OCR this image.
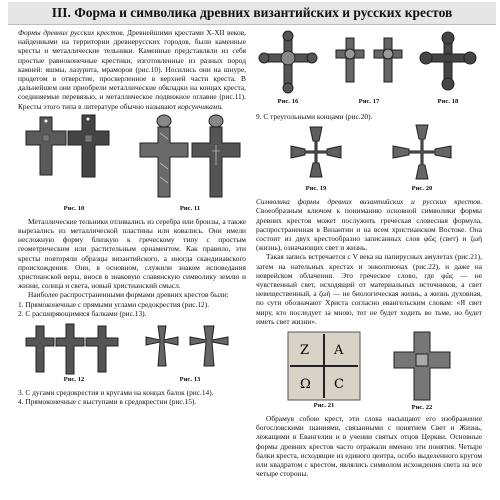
III. Форма и символика древних византийских и русских крестов

Формы древних русских крестов. Древнейшими крестами X-XII веков, найденными на территории древнерусских городов, были каменные кресты и металлические тельники. Каменные представляли из себя простые равноконечные крестики, изготовленные из разных пород камней: яшмы, лазурита, мраморов (рис.10). Носились они на шнуре, продетом в отверстие, просверленное в верхней части креста. В дальнейшем они приобрели металлические обкладки на концах креста, соединяемые перевязью, и металлическое подвижное оглавие (рис.11). Кресты этого типа в литературе обычно называют корсунчиками.

Рис. 10	Рис. 11

Металлические тельники отливались из серебра или бронзы, а также вырезались из металлической пластины или ковались. Они имели несложную форму близкую к греческому типу с простым геометрическим или растительным орнаментом. Как правило, эти кресты повторяли образцы византийского, а иногда скандинавского происхождения. Они, в основном, служили знаком исповедания христианской веры, внося в знаковую славянскую символику землю и жизни, солнца и света, новый христианский смысл.

Наиболее распространенными формами древних крестов были:

1. Прямоконечные с прямыми углами средокрестия (рис.12).

2. С расширяющимися балками (рис.13).

Рис. 12	Рис. 13

3. С дугами средокрестия и кругами на концах балок (рис.14).

4. Прямоконечные с выступами в средокрестии (рис.15).

Рис. 16	Рис. 17	Рис. 18

9. С треугольными концами (рис.20).

Рис. 19	Рис. 20

Символика формы древних византийских и русских крестов. Своеобразным ключом к пониманию основной символики формы древних крестов может послужить греческая словесная формула, распространенная в Византии и на всем христианском Востоке. Она состоит из двух крестообразно записанных слов φῶς (свет) и ζωή (жизнь), означающих свет и жизнь.

Такая запись встречается с V века на папирусных амулетах (рис.21), затем на нательных крестах и энколпионах (рис.22), и даже на неврейском облачении. Это греческое слово, где φῶς — не чувственный свет, исходящий от материальных источников, а свет невещественный, а ζωή — не биологическая жизнь, а жизнь духовная, по сути обозначают Христа согласно евангельским словам: «Я свет миру, кто последует за мною, тот не будет ходить во тьме, но будет иметь свет жизни».

Z A
Ω C
Рис. 21	Рис. 22

Обрамув собою крест, эти слова насыщают его изображение богословскими знаниями, связанными с понятием Свет и Жизнь, лежащими в Евангелии и в учении святых отцов Церкви. Основные формы древних крестов часто отражали именно эти понятия. Четыре балки креста, исходящие из единого центра, особо выделенного кругом или квадратом с крестом, являлись символом исхождения света на все четыре стороны.
